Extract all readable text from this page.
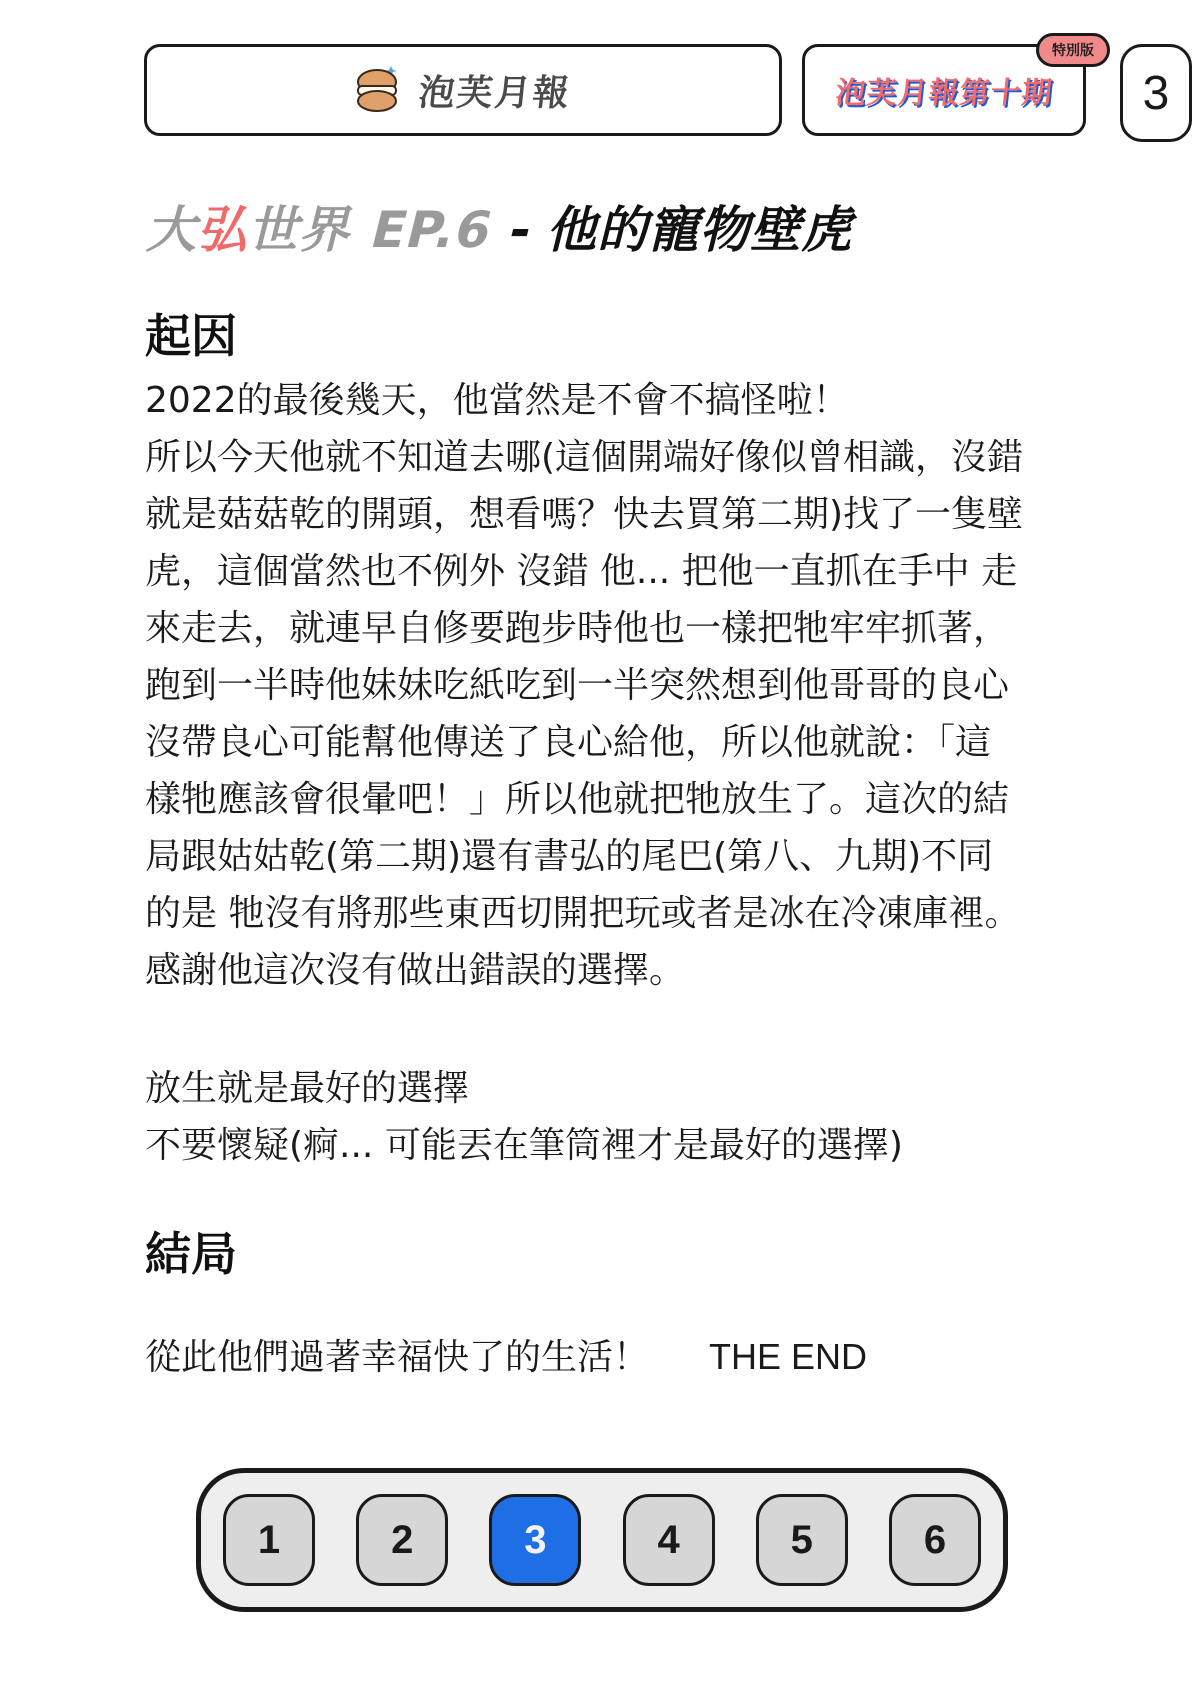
泡芙月報	泡芙月報第十期
特別版
3
大弘世界 EP.6 - 他的寵物壁虎
起因
2022的最後幾天，他當然是不會不搞怪啦！
所以今天他就不知道去哪(這個開端好像似曾相識，沒錯
就是菇菇乾的開頭，想看嗎？快去買第二期)找了一隻壁
虎，這個當然也不例外 沒錯 他... 把他一直抓在手中 走
來走去，就連早自修要跑步時他也一樣把牠牢牢抓著，
跑到一半時他妹妹吃紙吃到一半突然想到他哥哥的良心
沒帶良心可能幫他傳送了良心給他，所以他就說：「這
樣牠應該會很暈吧！」所以他就把牠放生了。這次的結
局跟姑姑乾(第二期)還有書弘的尾巴(第八、九期)不同
的是 牠沒有將那些東西切開把玩或者是冰在冷凍庫裡。
感謝他這次沒有做出錯誤的選擇。
放生就是最好的選擇
不要懷疑(痾... 可能丟在筆筒裡才是最好的選擇)
結局
從此他們過著幸福快了的生活！ THE END
1	2	3	4	5	6
